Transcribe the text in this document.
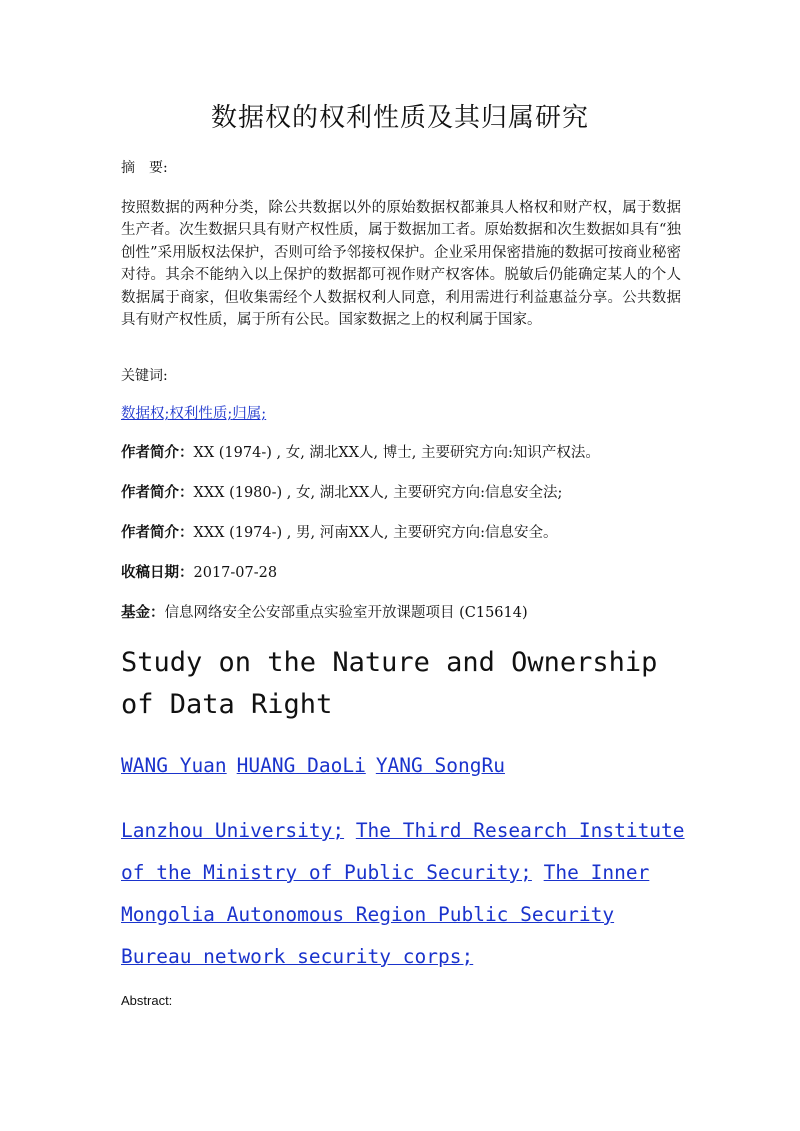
数据权的权利性质及其归属研究
摘　要:
按照数据的两种分类，除公共数据以外的原始数据权都兼具人格权和财产权，属于数据生产者。次生数据只具有财产权性质，属于数据加工者。原始数据和次生数据如具有“独创性”采用版权法保护，否则可给予邻接权保护。企业采用保密措施的数据可按商业秘密对待。其余不能纳入以上保护的数据都可视作财产权客体。脱敏后仍能确定某人的个人数据属于商家，但收集需经个人数据权利人同意，利用需进行利益惠益分享。公共数据具有财产权性质，属于所有公民。国家数据之上的权利属于国家。
关键词:
数据权;权利性质;归属;
作者简介：XX (1974-) , 女, 湖北XX人, 博士, 主要研究方向:知识产权法。
作者简介：XXX (1980-) , 女, 湖北XX人, 主要研究方向:信息安全法;
作者简介：XXX (1974-) , 男, 河南XX人, 主要研究方向:信息安全。
收稿日期：2017-07-28
基金：信息网络安全公安部重点实验室开放课题项目 (C15614)
Study on the Nature and Ownership of Data Right
WANG Yuan HUANG DaoLi YANG SongRu
Lanzhou University; The Third Research Institute of the Ministry of Public Security; The Inner Mongolia Autonomous Region Public Security Bureau network security corps;
Abstract:
